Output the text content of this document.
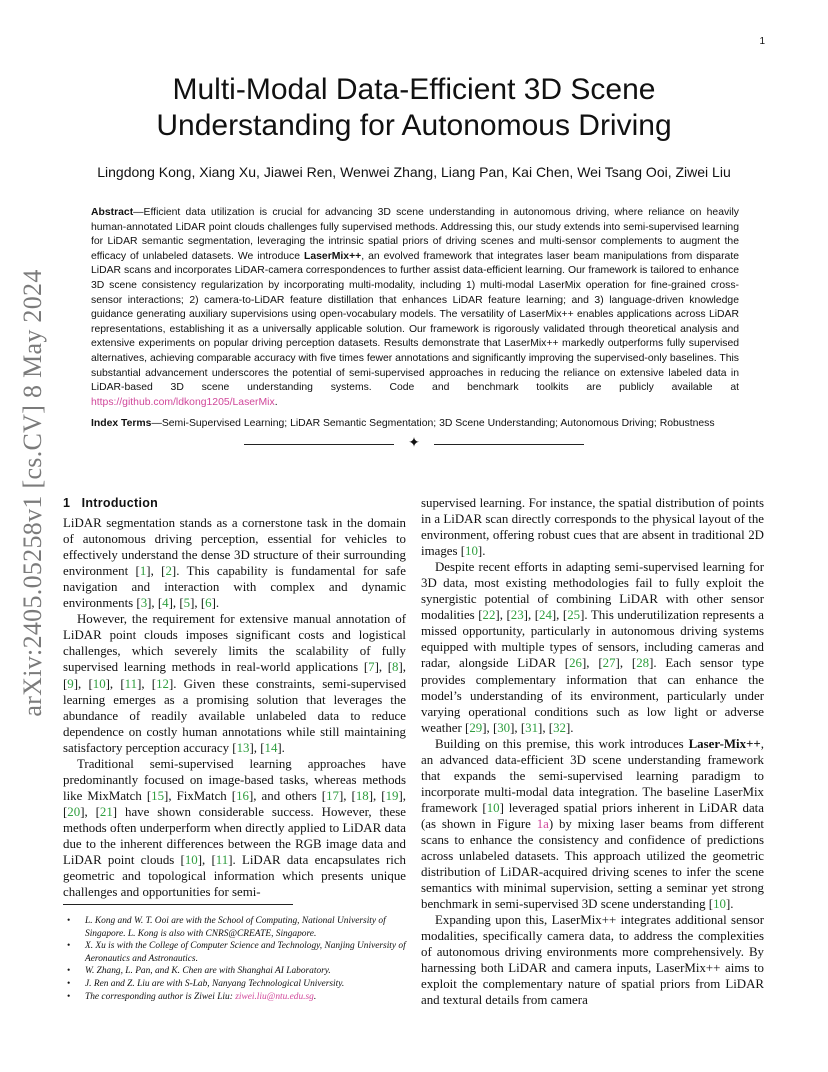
1
arXiv:2405.05258v1 [cs.CV] 8 May 2024
Multi-Modal Data-Efficient 3D Scene
Understanding for Autonomous Driving
Lingdong Kong, Xiang Xu, Jiawei Ren, Wenwei Zhang, Liang Pan, Kai Chen, Wei Tsang Ooi, Ziwei Liu
Abstract—Efficient data utilization is crucial for advancing 3D scene understanding in autonomous driving, where reliance on heavily human-annotated LiDAR point clouds challenges fully supervised methods. Addressing this, our study extends into semi-supervised learning for LiDAR semantic segmentation, leveraging the intrinsic spatial priors of driving scenes and multi-sensor complements to augment the efficacy of unlabeled datasets. We introduce LaserMix++, an evolved framework that integrates laser beam manipulations from disparate LiDAR scans and incorporates LiDAR-camera correspondences to further assist data-efficient learning. Our framework is tailored to enhance 3D scene consistency regularization by incorporating multi-modality, including 1) multi-modal LaserMix operation for fine-grained cross-sensor interactions; 2) camera-to-LiDAR feature distillation that enhances LiDAR feature learning; and 3) language-driven knowledge guidance generating auxiliary supervisions using open-vocabulary models. The versatility of LaserMix++ enables applications across LiDAR representations, establishing it as a universally applicable solution. Our framework is rigorously validated through theoretical analysis and extensive experiments on popular driving perception datasets. Results demonstrate that LaserMix++ markedly outperforms fully supervised alternatives, achieving comparable accuracy with five times fewer annotations and significantly improving the supervised-only baselines. This substantial advancement underscores the potential of semi-supervised approaches in reducing the reliance on extensive labeled data in LiDAR-based 3D scene understanding systems. Code and benchmark toolkits are publicly available at https://github.com/ldkong1205/LaserMix.
Index Terms—Semi-Supervised Learning; LiDAR Semantic Segmentation; 3D Scene Understanding; Autonomous Driving; Robustness
✦
1 Introduction

LiDAR segmentation stands as a cornerstone task in the domain of autonomous driving perception, essential for vehicles to effectively understand the dense 3D structure of their surrounding environment [1], [2]. This capability is fundamental for safe navigation and interaction with complex and dynamic environments [3], [4], [5], [6].

However, the requirement for extensive manual annotation of LiDAR point clouds imposes significant costs and logistical challenges, which severely limits the scalability of fully supervised learning methods in real-world applications [7], [8], [9], [10], [11], [12]. Given these constraints, semi-supervised learning emerges as a promising solution that leverages the abundance of readily available unlabeled data to reduce dependence on costly human annotations while still maintaining satisfactory perception accuracy [13], [14].

Traditional semi-supervised learning approaches have predominantly focused on image-based tasks, whereas methods like MixMatch [15], FixMatch [16], and others [17], [18], [19], [20], [21] have shown considerable success. However, these methods often underperform when directly applied to LiDAR data due to the inherent differences between the RGB image data and LiDAR point clouds [10], [11]. LiDAR data encapsulates rich geometric and topological information which presents unique challenges and opportunities for semi-

supervised learning. For instance, the spatial distribution of points in a LiDAR scan directly corresponds to the physical layout of the environment, offering robust cues that are absent in traditional 2D images [10].

Despite recent efforts in adapting semi-supervised learning for 3D data, most existing methodologies fail to fully exploit the synergistic potential of combining LiDAR with other sensor modalities [22], [23], [24], [25]. This underutilization represents a missed opportunity, particularly in autonomous driving systems equipped with multiple types of sensors, including cameras and radar, alongside LiDAR [26], [27], [28]. Each sensor type provides complementary information that can enhance the model’s understanding of its environment, particularly under varying operational conditions such as low light or adverse weather [29], [30], [31], [32].

Building on this premise, this work introduces Laser-Mix++, an advanced data-efficient 3D scene understanding framework that expands the semi-supervised learning paradigm to incorporate multi-modal data integration. The baseline LaserMix framework [10] leveraged spatial priors inherent in LiDAR data (as shown in Figure 1a) by mixing laser beams from different scans to enhance the consistency and confidence of predictions across unlabeled datasets. This approach utilized the geometric distribution of LiDAR-acquired driving scenes to infer the scene semantics with minimal supervision, setting a seminar yet strong benchmark in semi-supervised 3D scene understanding [10].

Expanding upon this, LaserMix++ integrates additional sensor modalities, specifically camera data, to address the complexities of autonomous driving environments more comprehensively. By harnessing both LiDAR and camera inputs, LaserMix++ aims to exploit the complementary nature of spatial priors from LiDAR and textural details from camera

• L. Kong and W. T. Ooi are with the School of Computing, National University of Singapore. L. Kong is also with CNRS@CREATE, Singapore.
• X. Xu is with the College of Computer Science and Technology, Nanjing University of Aeronautics and Astronautics.
• W. Zhang, L. Pan, and K. Chen are with Shanghai AI Laboratory.
• J. Ren and Z. Liu are with S-Lab, Nanyang Technological University.
• The corresponding author is Ziwei Liu: ziwei.liu@ntu.edu.sg.
